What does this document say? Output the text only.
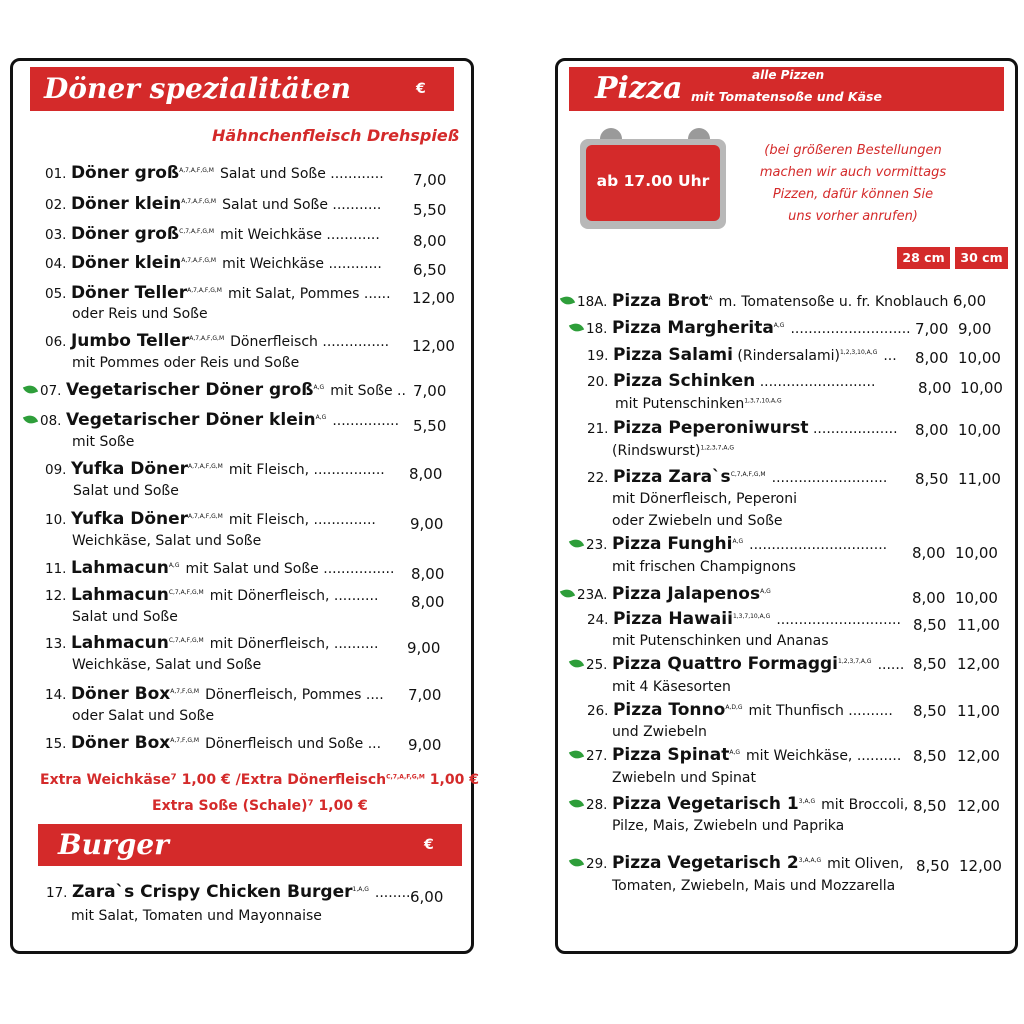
Döner spezialitäten	€
Hähnchenfleisch Drehspieß
01. Döner groß$^{A,7,A,F,G,M}$ Salat und Soße ............ 7,00
02. Döner klein$^{A,7,A,F,G,M}$ Salat und Soße ........... 5,50
03. Döner groß$^{C,7,A,F,G,M}$ mit Weichkäse ............ 8,00
04. Döner klein$^{A,7,A,F,G,M}$ mit Weichkäse ............ 6,50
05. Döner Teller$^{A,7,A,F,G,M}$ mit Salat, Pommes ......
oder Reis und Soße
12,00
06. Jumbo Teller$^{A,7,A,F,G,M}$ Dönerfleisch ...............
mit Pommes oder Reis und Soße
12,00
07. Vegetarischer Döner groß$^{A,G}$ mit Soße .. 7,00
08. Vegetarischer Döner klein$^{A,G}$ ...............
mit Soße
5,50
09. Yufka Döner$^{A,7,A,F,G,M}$ mit Fleisch, ................
Salat und Soße
8,00
10. Yufka Döner$^{A,7,A,F,G,M}$ mit Fleisch, ..............
Weichkäse, Salat und Soße
9,00
11. Lahmacun$^{A,G}$ mit Salat und Soße ................ 8,00
12. Lahmacun$^{C,7,A,F,G,M}$ mit Dönerfleisch, ..........
Salat und Soße
8,00
13. Lahmacun$^{C,7,A,F,G,M}$ mit Dönerfleisch, ..........
Weichkäse, Salat und Soße
9,00
14. Döner Box$^{A,7,F,G,M}$ Dönerfleisch, Pommes ....
oder Salat und Soße
7,00
15. Döner Box$^{A,7,F,G,M}$ Dönerfleisch und Soße ... 9,00
Extra Weichkäse⁷ 1,00 € /Extra Dönerfleisch$^{C,7,A,F,G,M}$ 1,00 €
Extra Soße (Schale)⁷ 1,00 €
Burger	€
17. Zara`s Crispy Chicken Burger$^{1,A,G}$ .........
mit Salat, Tomaten und Mayonnaise
6,00
Pizza	alle Pizzen
mit Tomatensoße und Käse
ab 17.00 Uhr
(bei größeren Bestellungen
machen wir auch vormittags
Pizzen, dafür können Sie
uns vorher anrufen)
28 cm	30 cm
18A. Pizza Brot$^A$ m. Tomatensoße u. fr. Knoblauch 6,00
18. Pizza Margherita$^{A,G}$ ........................... 7,00 9,00
19. Pizza Salami (Rindersalami)$^{1,2,3,10,A,G}$ ... 8,00 10,00
20. Pizza Schinken ..........................
mit Putenschinken$^{1,3,7,10,A,G}$
8,00 10,00
21. Pizza Peperoniwurst ...................
(Rindswurst)$^{1,2,3,7,A,G}$
8,00 10,00
22. Pizza $Zara`s^{C,7,A,F,G,M}$ ..........................
mit Dönerfleisch, Peperoni
oder Zwiebeln und Soße
8,50 11,00
23. Pizza Funghi$^{A,G}$ ...............................
mit frischen Champignons
8,00 10,00
23A. Pizza Jalapenos$^{A,G}$	8,00 10,00
24. Pizza Hawaii$^{1,3,7,10,A,G}$ ............................
mit Putenschinken und Ananas
8,50 11,00
25. Pizza Quattro Formaggi$^{1,2,3,7,A,G}$ ......
mit 4 Käsesorten
8,50 12,00
26. Pizza Tonno$^{A,D,G}$ mit Thunfisch ..........
und Zwiebeln
8,50 11,00
27. Pizza Spinat$^{A,G}$ mit Weichkäse, ..........
Zwiebeln und Spinat
8,50 12,00
28. Pizza Vegetarisch $1^{3,A,G}$ mit Broccoli,
Pilze, Mais, Zwiebeln und Paprika
8,50 12,00
29. Pizza Vegetarisch $2^{3,A,A,G}$ mit Oliven,
Tomaten, Zwiebeln, Mais und Mozzarella
8,50 12,00
